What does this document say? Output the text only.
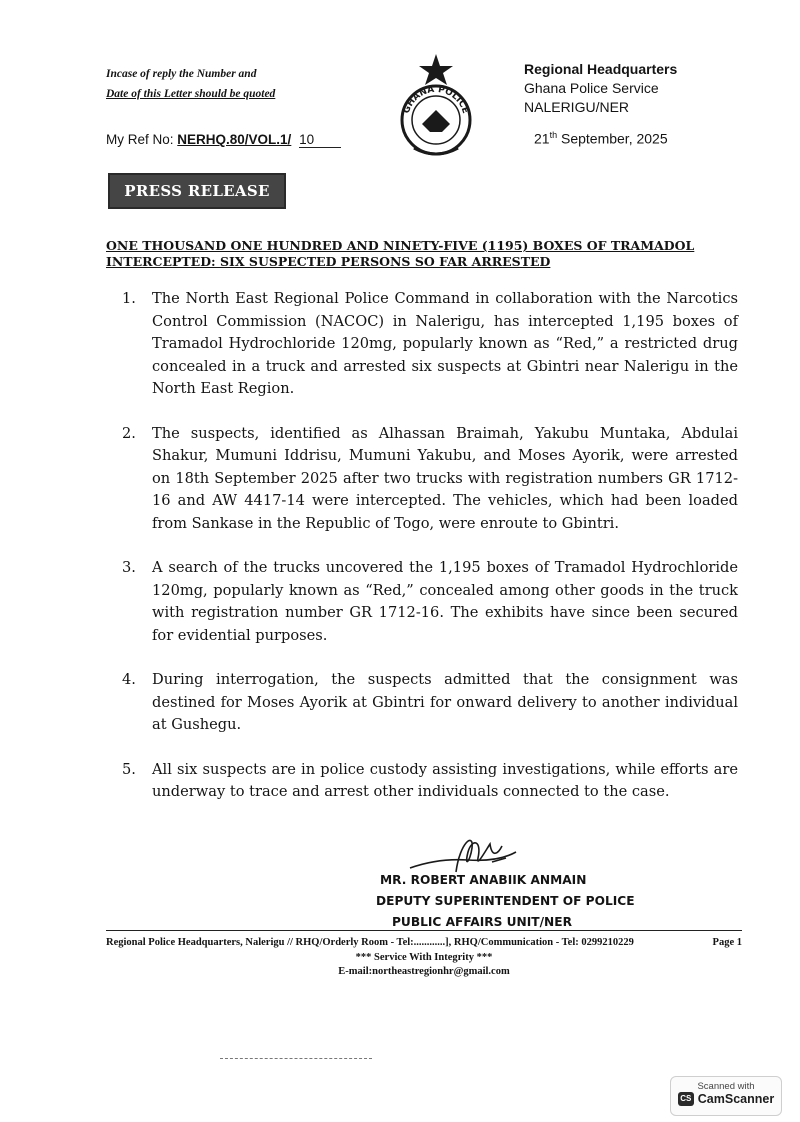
Incase of reply the Number and
Date of this Letter should be quoted
My Ref No: NERHQ.80/VOL.1/ 10
GHANA POLICE
Regional Headquarters
Ghana Police Service
NALERIGU/NER
21th September, 2025
PRESS RELEASE
ONE THOUSAND ONE HUNDRED AND NINETY-FIVE (1195) BOXES OF TRAMADOL
INTERCEPTED: SIX SUSPECTED PERSONS SO FAR ARRESTED
1.	The North East Regional Police Command in collaboration with the Narcotics Control Commission (NACOC) in Nalerigu, has intercepted 1,195 boxes of Tramadol Hydrochloride 120mg, popularly known as “Red,” a restricted drug concealed in a truck and arrested six suspects at Gbintri near Nalerigu in the North East Region.
2.	The suspects, identified as Alhassan Braimah, Yakubu Muntaka, Abdulai Shakur, Mumuni Iddrisu, Mumuni Yakubu, and Moses Ayorik, were arrested on 18th September 2025 after two trucks with registration numbers GR 1712-16 and AW 4417-14 were intercepted. The vehicles, which had been loaded from Sankase in the Republic of Togo, were enroute to Gbintri.
3.	A search of the trucks uncovered the 1,195 boxes of Tramadol Hydrochloride 120mg, popularly known as “Red,” concealed among other goods in the truck with registration number GR 1712-16. The exhibits have since been secured for evidential purposes.
4.	During interrogation, the suspects admitted that the consignment was destined for Moses Ayorik at Gbintri for onward delivery to another individual at Gushegu.
5.	All six suspects are in police custody assisting investigations, while efforts are underway to trace and arrest other individuals connected to the case.
MR. ROBERT ANABIIK ANMAIN
DEPUTY SUPERINTENDENT OF POLICE
PUBLIC AFFAIRS UNIT/NER
Regional Police Headquarters, Nalerigu // RHQ/Orderly Room - Tel:............], RHQ/Communication - Tel: 0299210229	Page 1
*** Service With Integrity ***
E-mail:northeastregionhr@gmail.com
Scanned with
CS CamScanner
